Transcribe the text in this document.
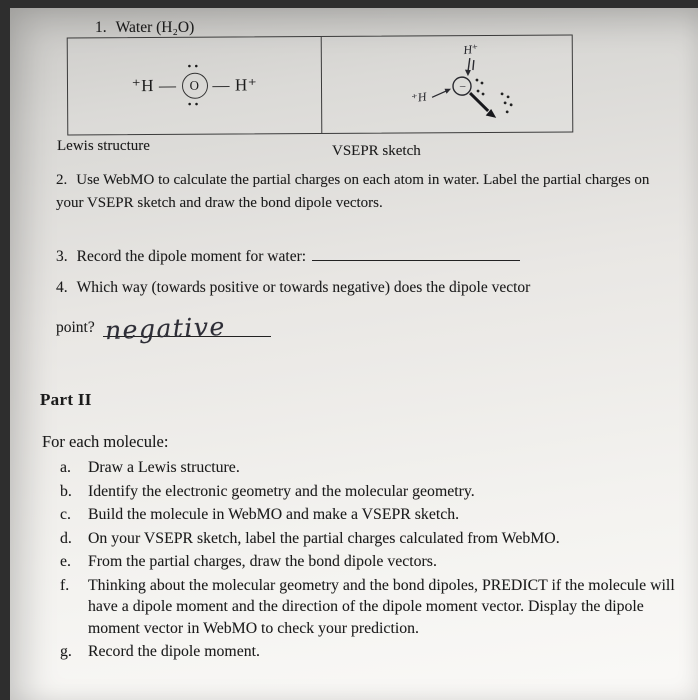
1. Water (H₂O)
⁺H —
••
O
••
— H⁺
H⁺
−
⁺H
Lewis structure	VSEPR sketch
2. Use WebMO to calculate the partial charges on each atom in water. Label the partial charges on your VSEPR sketch and draw the bond dipole vectors.
3. Record the dipole moment for water:
4. Which way (towards positive or towards negative) does the dipole vector
point? negative
Part II
For each molecule:
a.	Draw a Lewis structure.
b.	Identify the electronic geometry and the molecular geometry.
c.	Build the molecule in WebMO and make a VSEPR sketch.
d.	On your VSEPR sketch, label the partial charges calculated from WebMO.
e.	From the partial charges, draw the bond dipole vectors.
f.	Thinking about the molecular geometry and the bond dipoles, PREDICT if the molecule will have a dipole moment and the direction of the dipole moment vector. Display the dipole moment vector in WebMO to check your prediction.
g.	Record the dipole moment.
